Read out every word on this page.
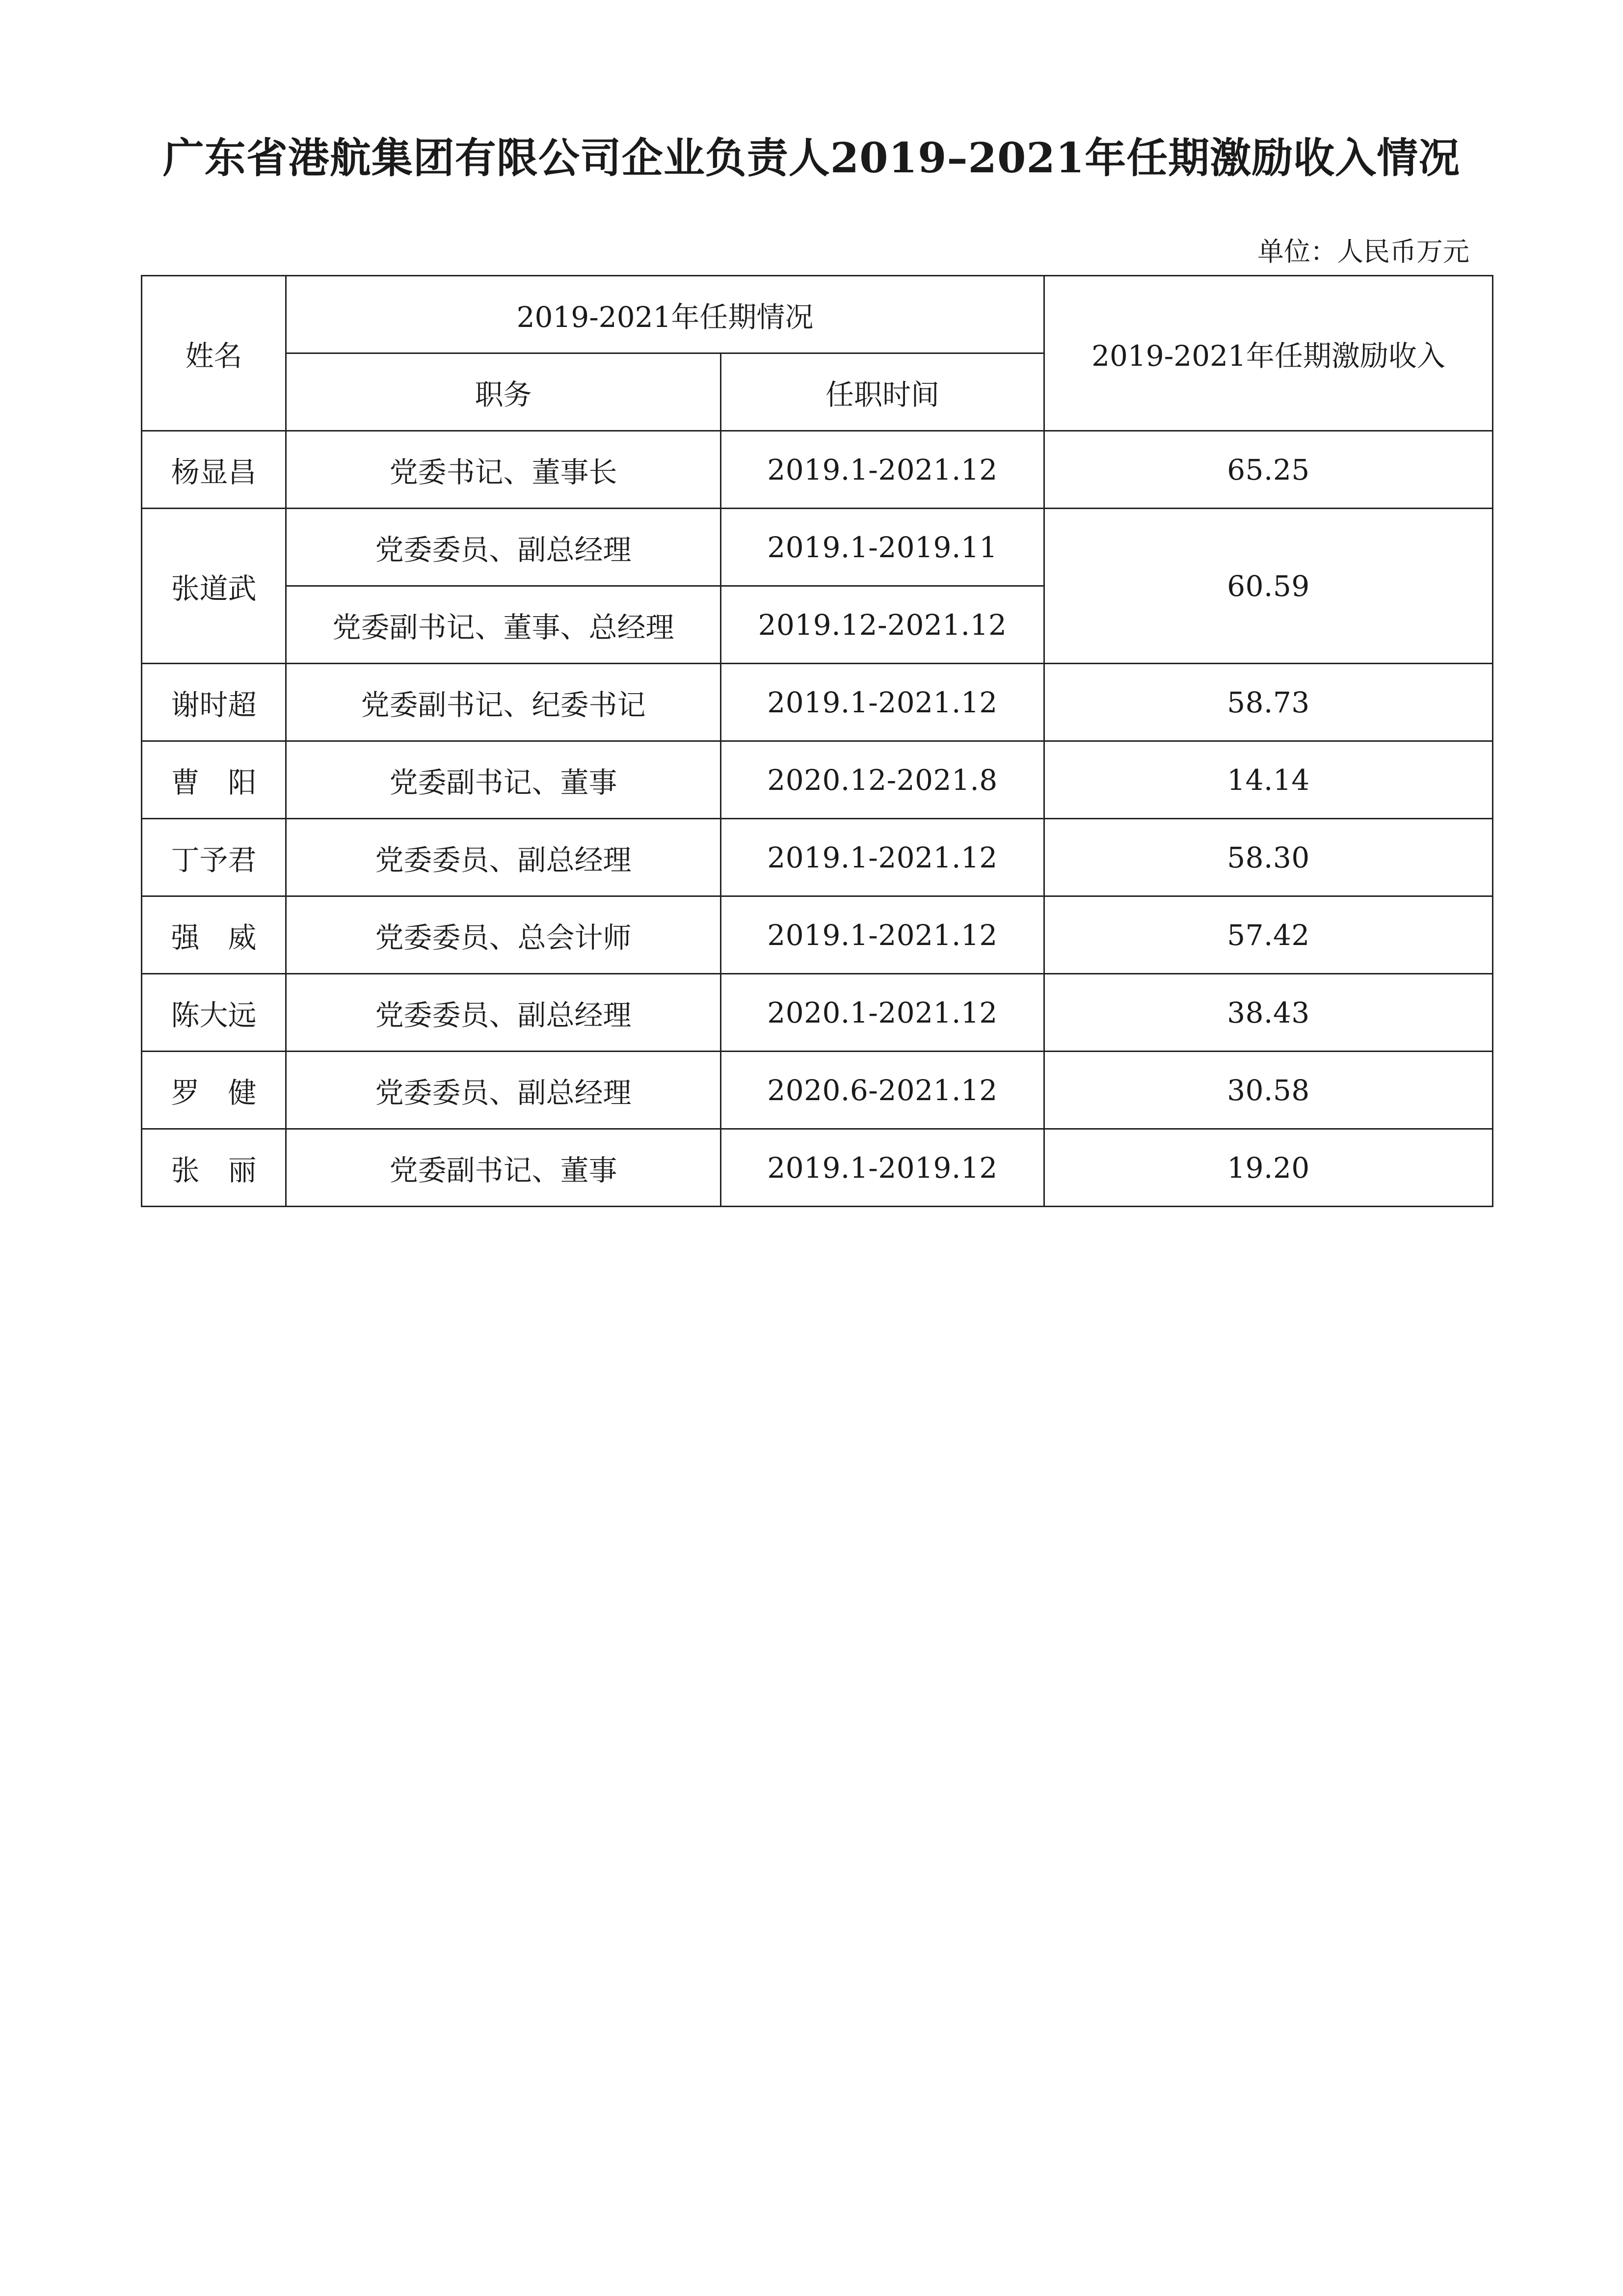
广东省港航集团有限公司企业负责人2019–2021年任期激励收入情况
单位：人民币万元
姓名	2019-2021年任期情况		2019-2021年任期激励收入
	职务	任职时间	
杨显昌	党委书记、董事长	2019.1-2021.12	65.25
张道武	党委委员、副总经理	2019.1-2019.11	60.59
	党委副书记、董事、总经理	2019.12-2021.12	
谢时超	党委副书记、纪委书记	2019.1-2021.12	58.73
曹　阳	党委副书记、董事	2020.12-2021.8	14.14
丁予君	党委委员、副总经理	2019.1-2021.12	58.30
强　威	党委委员、总会计师	2019.1-2021.12	57.42
陈大远	党委委员、副总经理	2020.1-2021.12	38.43
罗　健	党委委员、副总经理	2020.6-2021.12	30.58
张　丽	党委副书记、董事	2019.1-2019.12	19.20
